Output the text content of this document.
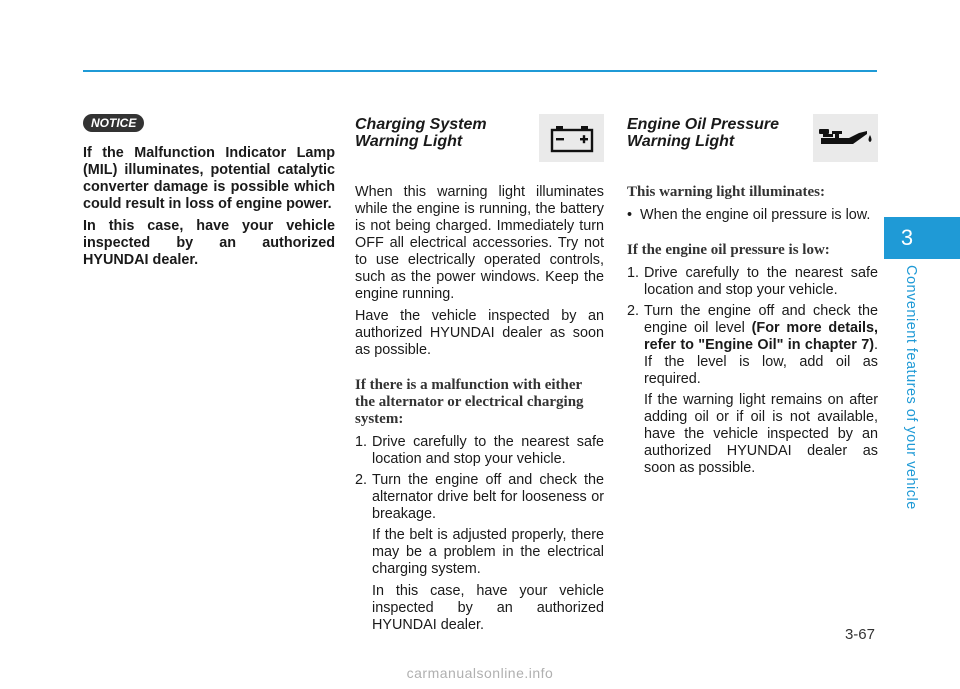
3
Convenient features of your vehicle
NOTICE

If the Malfunction Indicator Lamp (MIL) illuminates, potential catalytic converter damage is possible which could result in loss of engine power.

In this case, have your vehicle inspected by an authorized HYUNDAI dealer.

Charging System
Warning Light

When this warning light illuminates while the engine is running, the battery is not being charged. Immediately turn OFF all electrical accessories. Try not to use electrically operated controls, such as the power windows. Keep the engine running.

Have the vehicle inspected by an authorized HYUNDAI dealer as soon as possible.

If there is a malfunction with either the alternator or electrical charging system:
1. Drive carefully to the nearest safe location and stop your vehicle.
2. Turn the engine off and check the alternator drive belt for looseness or breakage.

If the belt is adjusted properly, there may be a problem in the electrical charging system.

In this case, have your vehicle inspected by an authorized HYUNDAI dealer.

Engine Oil Pressure
Warning Light
This warning light illuminates:
• When the engine oil pressure is low.
If the engine oil pressure is low:
1. Drive carefully to the nearest safe location and stop your vehicle.
2. Turn the engine off and check the engine oil level (For more details, refer to "Engine Oil" in chapter 7). If the level is low, add oil as required.

If the warning light remains on after adding oil or if oil is not available, have the vehicle inspected by an authorized HYUNDAI dealer as soon as possible.

3-67
carmanualsonline.info
